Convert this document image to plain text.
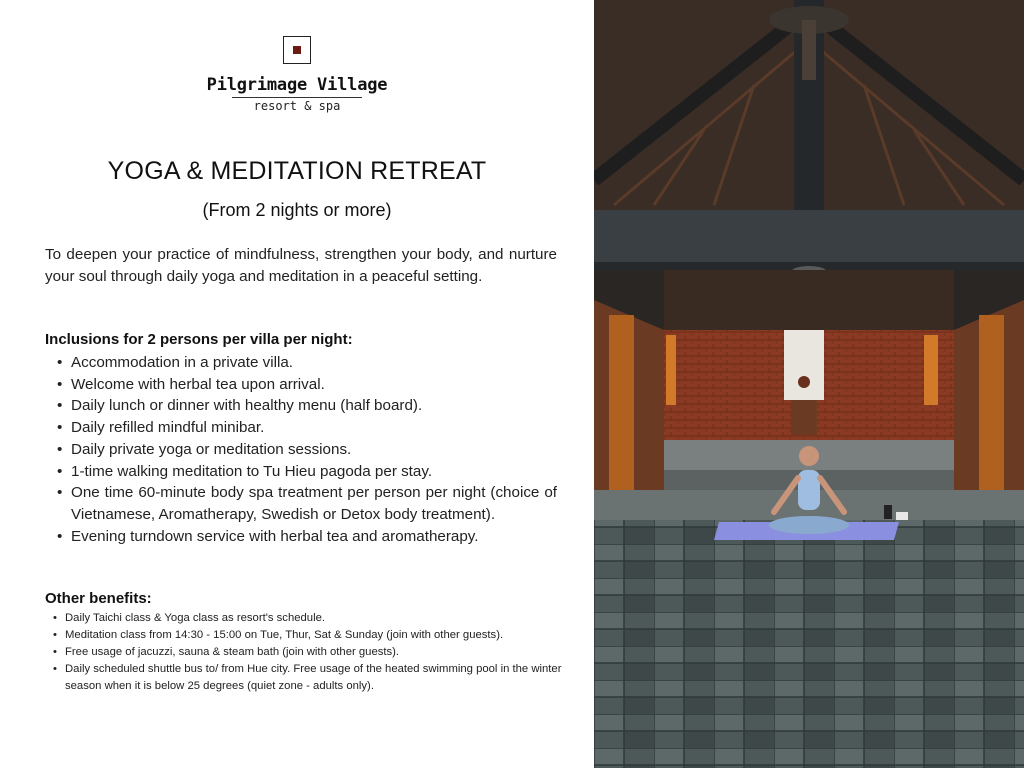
Pilgrimage Village
resort & spa
YOGA & MEDITATION RETREAT
(From 2 nights or more)
To deepen your practice of mindfulness, strengthen your body, and nurture your soul through daily yoga and meditation in a peaceful setting.
Inclusions for 2 persons per villa per night:
• Accommodation in a private villa.
• Welcome with herbal tea upon arrival.
• Daily lunch or dinner with healthy menu (half board).
• Daily refilled mindful minibar.
• Daily private yoga or meditation sessions.
• 1-time walking meditation to Tu Hieu pagoda per stay.
• One time 60-minute body spa treatment per person per night (choice of Vietnamese, Aromatherapy, Swedish or Detox body treatment).
• Evening turndown service with herbal tea and aromatherapy.
Other benefits:
• Daily Taichi class & Yoga class as resort's schedule.
• Meditation class from 14:30 - 15:00 on Tue, Thur, Sat & Sunday (join with other guests).
• Free usage of jacuzzi, sauna & steam bath (join with other guests).
• Daily scheduled shuttle bus to/ from Hue city. Free usage of the heated swimming pool in the winter season when it is below 25 degrees (quiet zone - adults only).
